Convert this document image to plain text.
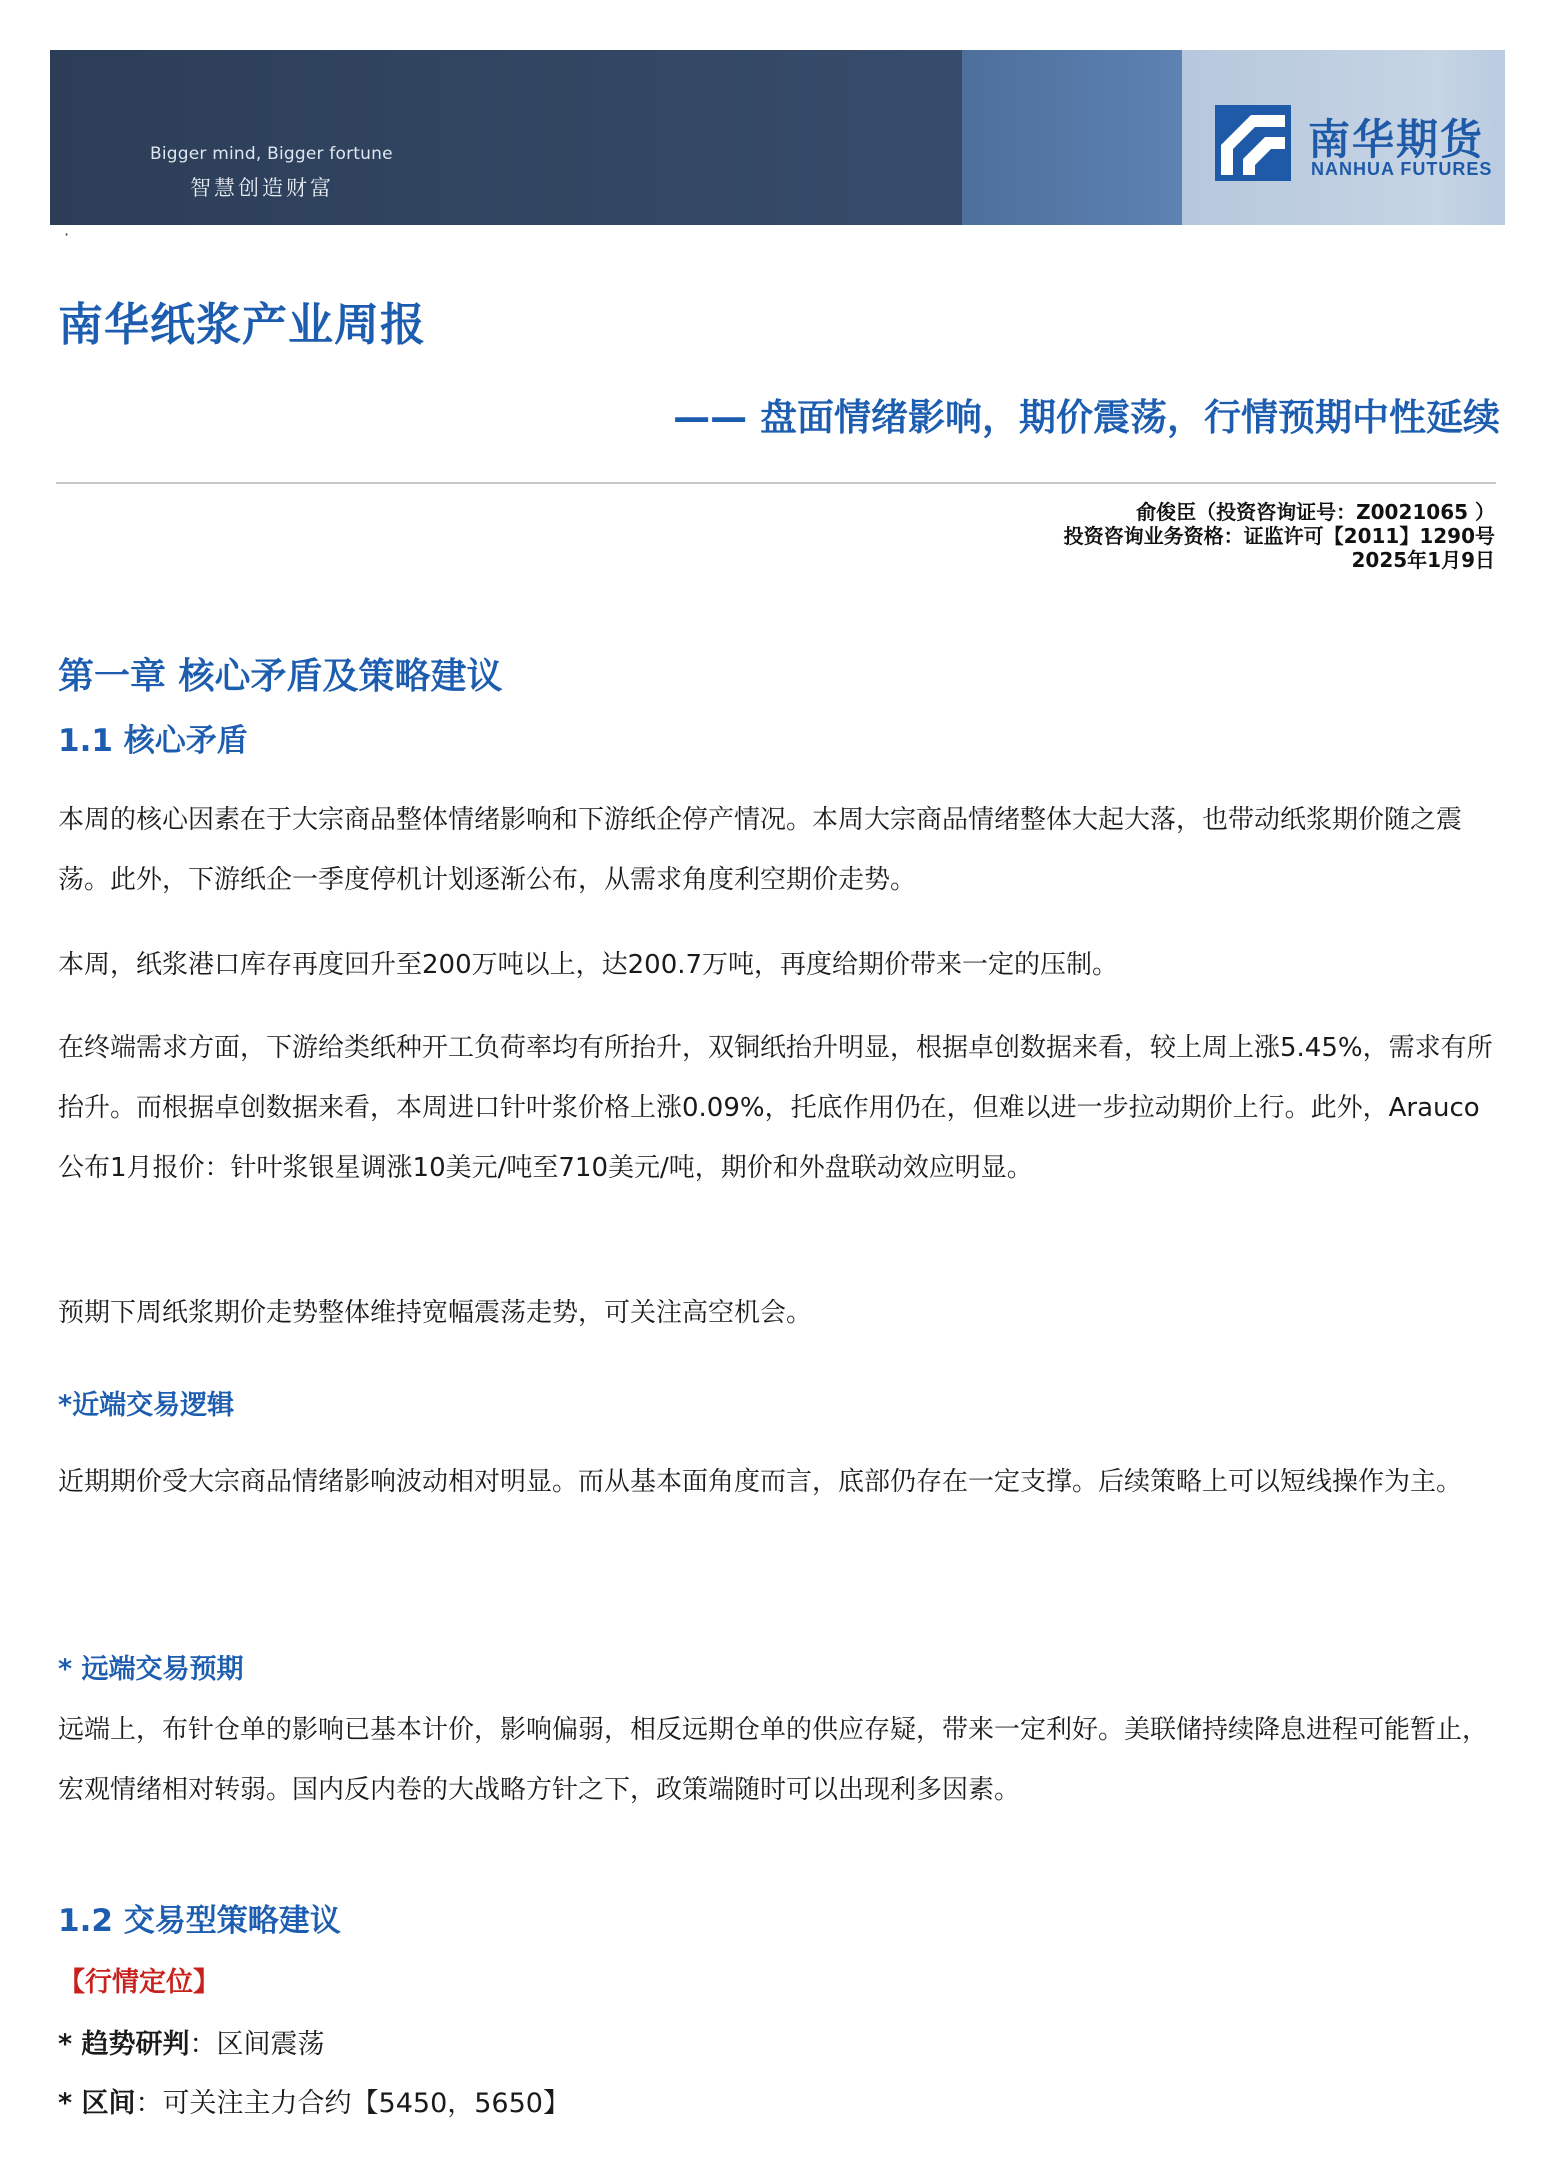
Bigger mind, Bigger fortune
智慧创造财富
南华期货
NANHUA FUTURES
·
南华纸浆产业周报
—— 盘面情绪影响，期价震荡，行情预期中性延续
俞俊臣（投资咨询证号：Z0021065 ）
投资咨询业务资格：证监许可【2011】1290号
2025年1月9日
第一章 核心矛盾及策略建议
1.1 核心矛盾
本周的核心因素在于大宗商品整体情绪影响和下游纸企停产情况。本周大宗商品情绪整体大起大落，也带动纸浆期价随之震荡。此外，下游纸企一季度停机计划逐渐公布，从需求角度利空期价走势。
本周，纸浆港口库存再度回升至200万吨以上，达200.7万吨，再度给期价带来一定的压制。
在终端需求方面，下游给类纸种开工负荷率均有所抬升，双铜纸抬升明显，根据卓创数据来看，较上周上涨5.45%，需求有所抬升。而根据卓创数据来看，本周进口针叶浆价格上涨0.09%，托底作用仍在，但难以进一步拉动期价上行。此外，Arauco公布1月报价：针叶浆银星调涨10美元/吨至710美元/吨，期价和外盘联动效应明显。
预期下周纸浆期价走势整体维持宽幅震荡走势，可关注高空机会。
*近端交易逻辑
近期期价受大宗商品情绪影响波动相对明显。而从基本面角度而言，底部仍存在一定支撑。后续策略上可以短线操作为主。
* 远端交易预期
远端上，布针仓单的影响已基本计价，影响偏弱，相反远期仓单的供应存疑，带来一定利好。美联储持续降息进程可能暂止，宏观情绪相对转弱。国内反内卷的大战略方针之下，政策端随时可以出现利多因素。
1.2 交易型策略建议
【行情定位】
* 趋势研判：区间震荡
* 区间：可关注主力合约【5450，5650】
